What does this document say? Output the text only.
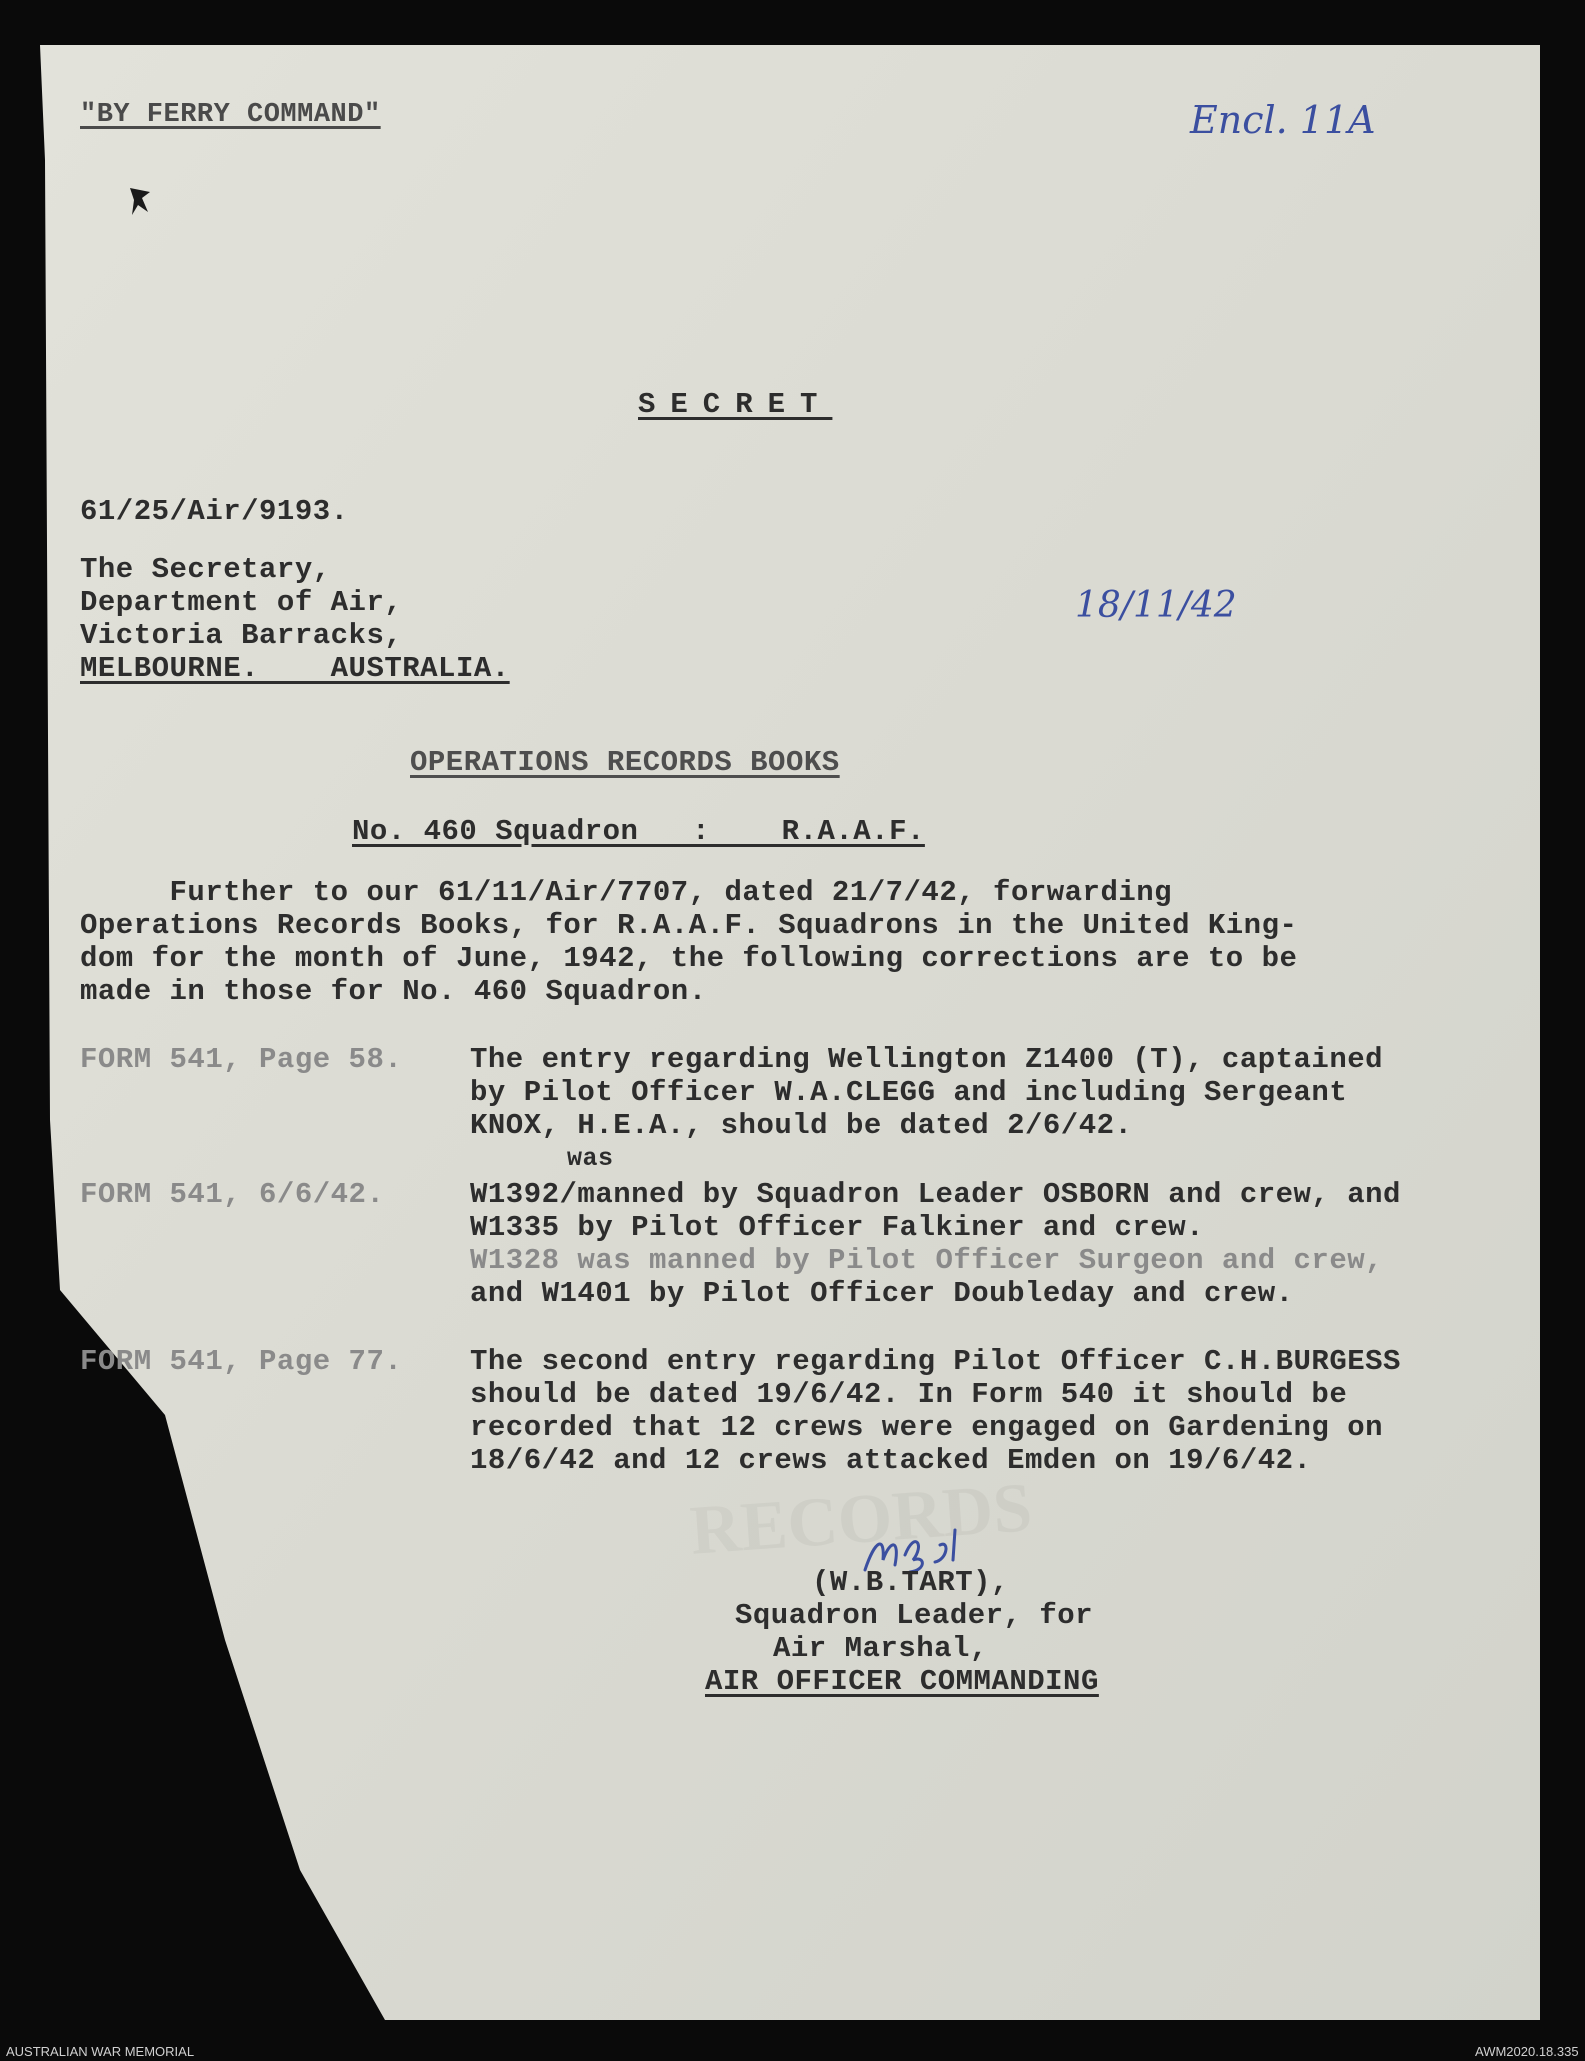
"BY FERRY COMMAND"	Encl. 11A
SECRET
61/25/Air/9193.
18/11/42
The Secretary,
Department of Air,
Victoria Barracks,
MELBOURNE.    AUSTRALIA.
OPERATIONS RECORDS BOOKS
No. 460 Squadron   :    R.A.A.F.
Further to our 61/11/Air/7707, dated 21/7/42, forwarding
Operations Records Books, for R.A.A.F. Squadrons in the United King-
dom for the month of June, 1942, the following corrections are to be
made in those for No. 460 Squadron.
FORM 541, Page 58. The entry regarding Wellington Z1400 (T), captained
by Pilot Officer W.A.CLEGG and including Sergeant
KNOX, H.E.A., should be dated 2/6/42.
was
FORM 541, 6/6/42.	W1392/manned by Squadron Leader OSBORN and crew, and
W1335 by Pilot Officer Falkiner and crew.
W1328 was manned by Pilot Officer Surgeon and crew,
and W1401 by Pilot Officer Doubleday and crew.
FORM 541, Page 77. The second entry regarding Pilot Officer C.H.BURGESS
should be dated 19/6/42. In Form 540 it should be
recorded that 12 crews were engaged on Gardening on
18/6/42 and 12 crews attacked Emden on 19/6/42.
(W.B.TART),
Squadron Leader, for
Air Marshal,
AIR OFFICER COMMANDING
AUSTRALIAN WAR MEMORIAL	AWM2020.18.335
